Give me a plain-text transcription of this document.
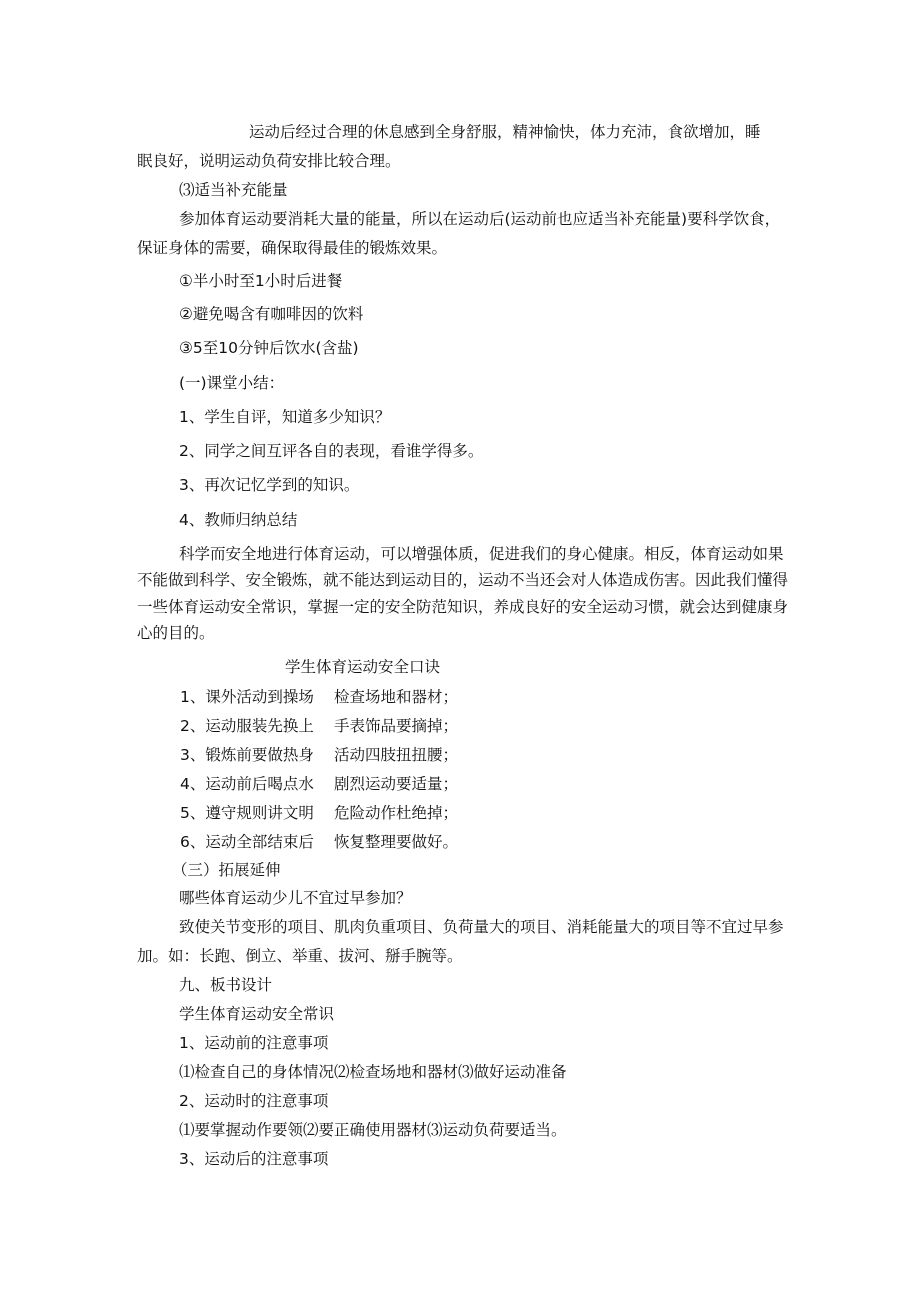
运动后经过合理的休息感到全身舒服，精神愉快，体力充沛，食欲增加，睡

眠良好，说明运动负荷安排比较合理。

⑶适当补充能量

参加体育运动要消耗大量的能量，所以在运动后(运动前也应适当补充能量)要科学饮食，

保证身体的需要，确保取得最佳的锻炼效果。

①半小时至1小时后进餐

②避免喝含有咖啡因的饮料

③5至10分钟后饮水(含盐)

(一)课堂小结：

1、学生自评，知道多少知识？

2、同学之间互评各自的表现，看谁学得多。

3、再次记忆学到的知识。

4、教师归纳总结

科学而安全地进行体育运动，可以增强体质，促进我们的身心健康。相反，体育运动如果

不能做到科学、安全锻炼，就不能达到运动目的，运动不当还会对人体造成伤害。因此我们懂得

一些体育运动安全常识，掌握一定的安全防范知识，养成良好的安全运动习惯，就会达到健康身

心的目的。

学生体育运动安全口诀

1、课外活动到操场 检查场地和器材；
2、运动服装先换上 手表饰品要摘掉；
3、锻炼前要做热身 活动四肢扭扭腰；
4、运动前后喝点水 剧烈运动要适量；
5、遵守规则讲文明 危险动作杜绝掉；
6、运动全部结束后 恢复整理要做好。

（三）拓展延伸

哪些体育运动少儿不宜过早参加？

致使关节变形的项目、肌肉负重项目、负荷量大的项目、消耗能量大的项目等不宜过早参

加。如：长跑、倒立、举重、拔河、掰手腕等。

九、板书设计

学生体育运动安全常识

1、运动前的注意事项

⑴检查自己的身体情况⑵检查场地和器材⑶做好运动准备

2、运动时的注意事项

⑴要掌握动作要领⑵要正确使用器材⑶运动负荷要适当。

3、运动后的注意事项
